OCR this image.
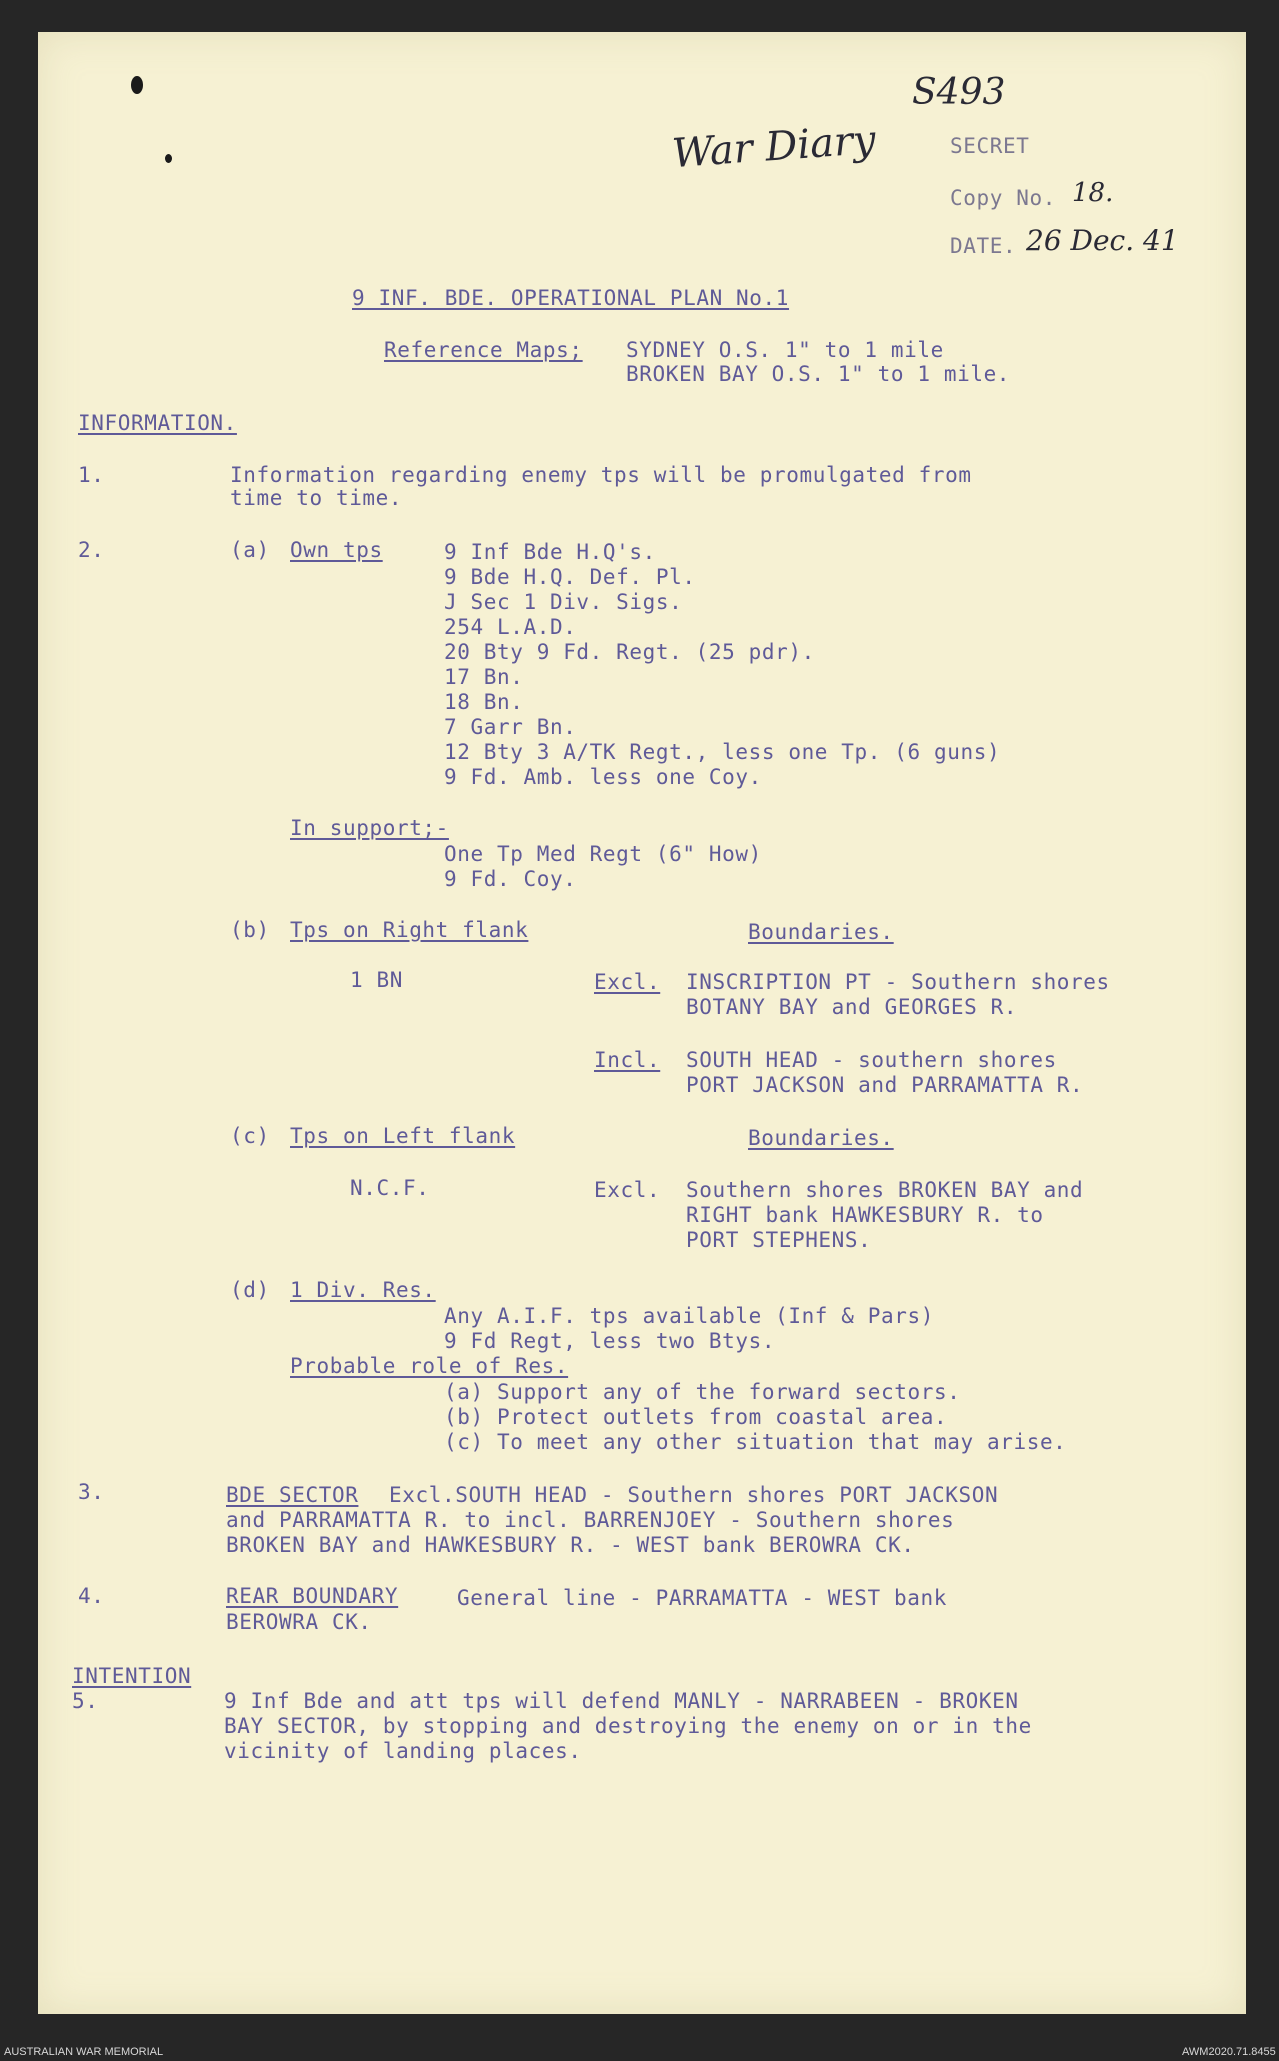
S493
War Diary	SECRET
Copy No. 18.
DATE. 26 Dec. 41
9 INF. BDE. OPERATIONAL PLAN No.1
Reference Maps; SYDNEY O.S. 1" to 1 mile
BROKEN BAY O.S. 1" to 1 mile.
INFORMATION.
1.	Information regarding enemy tps will be promulgated from
time to time.
2.	(a) Own tps	9 Inf Bde H.Q's.
9 Bde H.Q. Def. Pl.
J Sec 1 Div. Sigs.
254 L.A.D.
20 Bty 9 Fd. Regt. (25 pdr).
17 Bn.
18 Bn.
7 Garr Bn.
12 Bty 3 A/TK Regt., less one Tp. (6 guns)
9 Fd. Amb. less one Coy.
In support;-
One Tp Med Regt (6" How)
9 Fd. Coy.
(b) Tps on Right flank	Boundaries.
1 BN	Excl. INSCRIPTION PT - Southern shores
BOTANY BAY and GEORGES R.
Incl. SOUTH HEAD - southern shores
PORT JACKSON and PARRAMATTA R.
(c) Tps on Left flank	Boundaries.
N.C.F.	Excl. Southern shores BROKEN BAY and
RIGHT bank HAWKESBURY R. to
PORT STEPHENS.
(d) 1 Div. Res.
Any A.I.F. tps available (Inf & Pars)
9 Fd Regt, less two Btys.
Probable role of Res.
(a) Support any of the forward sectors.
(b) Protect outlets from coastal area.
(c) To meet any other situation that may arise.
3.	BDE SECTOR Excl.SOUTH HEAD - Southern shores PORT JACKSON
and PARRAMATTA R. to incl. BARRENJOEY - Southern shores
BROKEN BAY and HAWKESBURY R. - WEST bank BEROWRA CK.
4.	REAR BOUNDARY	General line - PARRAMATTA - WEST bank
BEROWRA CK.
INTENTION
5.	9 Inf Bde and att tps will defend MANLY - NARRABEEN - BROKEN
BAY SECTOR, by stopping and destroying the enemy on or in the
vicinity of landing places.
AUSTRALIAN WAR MEMORIAL	AWM2020.71.8455
